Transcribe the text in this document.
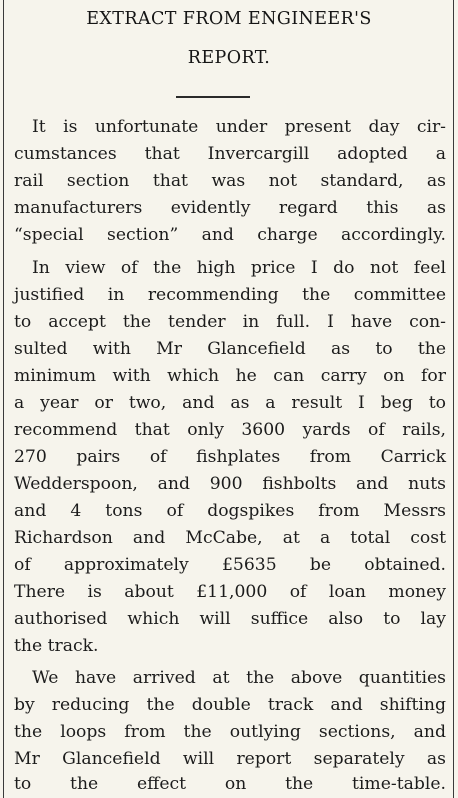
EXTRACT FROM ENGINEER'S
REPORT.

It is unfortunate under present day cir-

cumstances that Invercargill adopted a

rail section that was not standard, as

manufacturers evidently regard this as

“special section” and charge accordingly.

In view of the high price I do not feel

justified in recommending the committee

to accept the tender in full. I have con-

sulted with Mr Glancefield as to the

minimum with which he can carry on for

a year or two, and as a result I beg to

recommend that only 3600 yards of rails,

270 pairs of fishplates from Carrick

Wedderspoon, and 900 fishbolts and nuts

and 4 tons of dogspikes from Messrs

Richardson and McCabe, at a total cost

of approximately £5635 be obtained.

There is about £11,000 of loan money

authorised which will suffice also to lay

the track.

We have arrived at the above quantities

by reducing the double track and shifting

the loops from the outlying sections, and

Mr Glancefield will report separately as

to the effect on the time-table.
